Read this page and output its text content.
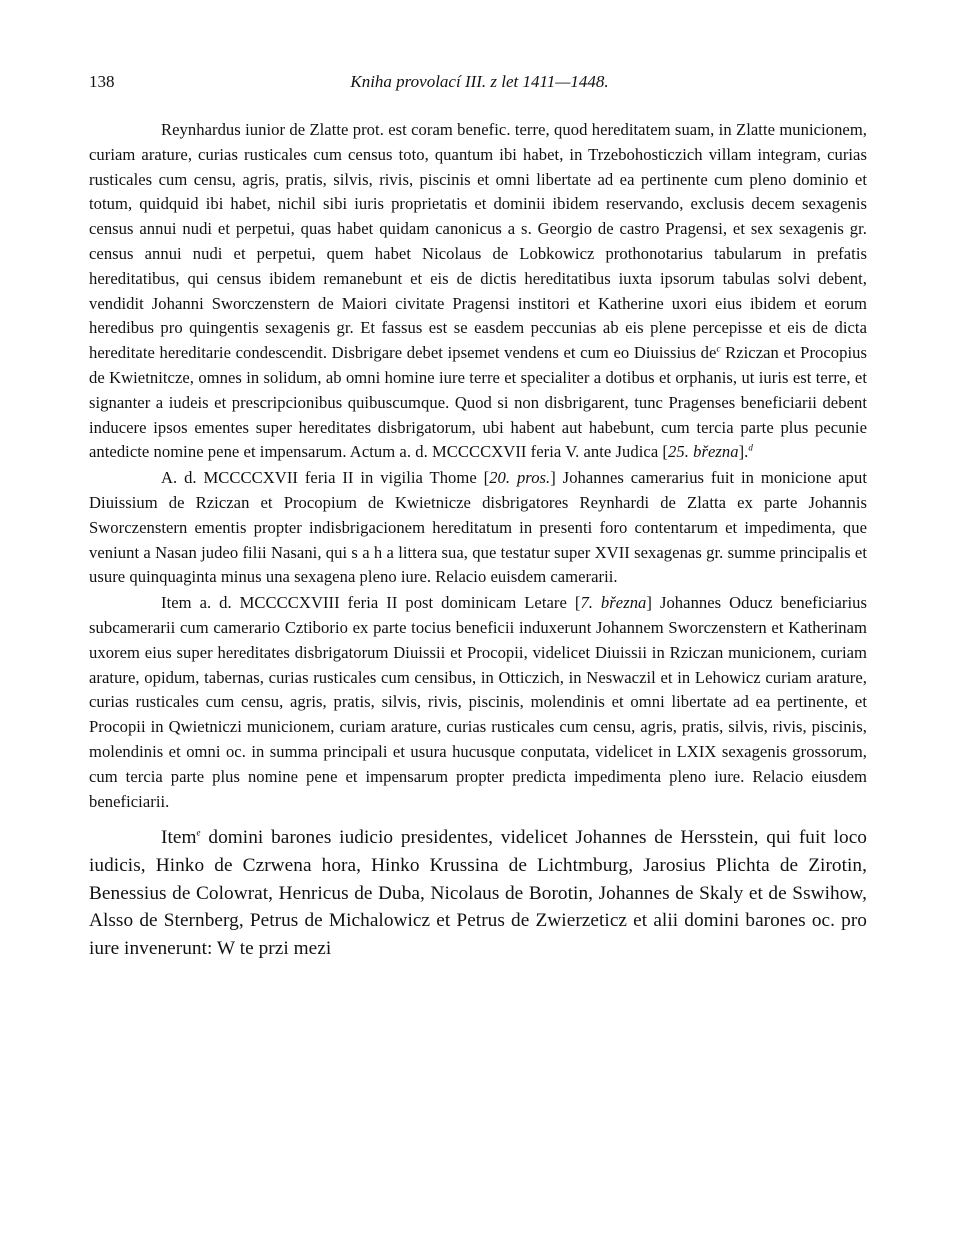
138	Kniha provolací III. z let 1411—1448.

Reynhardus iunior de Zlatte prot. est coram benefic. terre, quod hereditatem suam, in Zlatte municionem, curiam arature, curias rusticales cum census toto, quantum ibi habet, in Trzebohosticzich villam integram, curias rusticales cum censu, agris, pratis, silvis, rivis, piscinis et omni libertate ad ea pertinente cum pleno dominio et totum, quidquid ibi habet, nichil sibi iuris proprietatis et dominii ibidem reservando, exclusis decem sexagenis census annui nudi et perpetui, quas habet quidam canonicus a s. Georgio de castro Pragensi, et sex sexagenis gr. census annui nudi et perpetui, quem habet Nicolaus de Lobkowicz prothonotarius tabularum in prefatis hereditatibus, qui census ibidem remanebunt et eis de dictis hereditatibus iuxta ipsorum tabulas solvi debent, vendidit Johanni Sworczenstern de Maiori civitate Pragensi institori et Katherine uxori eius ibidem et eorum heredibus pro quingentis sexagenis gr. Et fassus est se easdem peccunias ab eis plene percepisse et eis de dicta hereditate hereditarie condescendit. Disbrigare debet ipsemet vendens et cum eo Diuissius $de^c$ Rziczan et Procopius de Kwietnitcze, omnes in solidum, ab omni homine iure terre et specialiter a dotibus et orphanis, ut iuris est terre, et signanter a iudeis et prescripcionibus quibuscumque. Quod si non disbrigarent, tunc Pragenses beneficiarii debent inducere ipsos ementes super hereditates disbrigatorum, ubi habent aut habebunt, cum tercia parte plus pecunie antedicte nomine pene et impensarum. Actum a. d. MCCCCXVII feria V. ante Judica [25. března].$^d$

A. d. MCCCCXVII feria II in vigilia Thome [20. pros.] Johannes camerarius fuit in monicione aput Diuissium de Rziczan et Procopium de Kwietnicze disbrigatores Reynhardi de Zlatta ex parte Johannis Sworczenstern ementis propter indisbrigacionem hereditatum in presenti foro contentarum et impedimenta, que veniunt a Nasan judeo filii Nasani, qui s a h a littera sua, que testatur super XVII sexagenas gr. summe principalis et usure quinquaginta minus una sexagena pleno iure. Relacio euisdem camerarii.

Item a. d. MCCCCXVIII feria II post dominicam Letare [7. března] Johannes Oducz beneficiarius subcamerarii cum camerario Cztiborio ex parte tocius beneficii induxerunt Johannem Sworczenstern et Katherinam uxorem eius super hereditates disbrigatorum Diuissii et Procopii, videlicet Diuissii in Rziczan municionem, curiam arature, opidum, tabernas, curias rusticales cum censibus, in Otticzich, in Neswaczil et in Lehowicz curiam arature, curias rusticales cum censu, agris, pratis, silvis, rivis, piscinis, molendinis et omni libertate ad ea pertinente, et Procopii in Qwietniczi municionem, curiam arature, curias rusticales cum censu, agris, pratis, silvis, rivis, piscinis, molendinis et omni oc. in summa principali et usura hucusque conputata, videlicet in LXIX sexagenis grossorum, cum tercia parte plus nomine pene et impensarum propter predicta impedimenta pleno iure. Relacio eiusdem beneficiarii.

Item$^e$ domini barones iudicio presidentes, videlicet Johannes de Hersstein, qui fuit loco iudicis, Hinko de Czrwena hora, Hinko Krussina de Lichtmburg, Jarosius Plichta de Zirotin, Benessius de Colowrat, Henricus de Duba, Nicolaus de Borotin, Johannes de Skaly et de Sswihow, Alsso de Sternberg, Petrus de Michalowicz et Petrus de Zwierzeticz et alii domini barones oc. pro iure invenerunt: W te przi mezi
